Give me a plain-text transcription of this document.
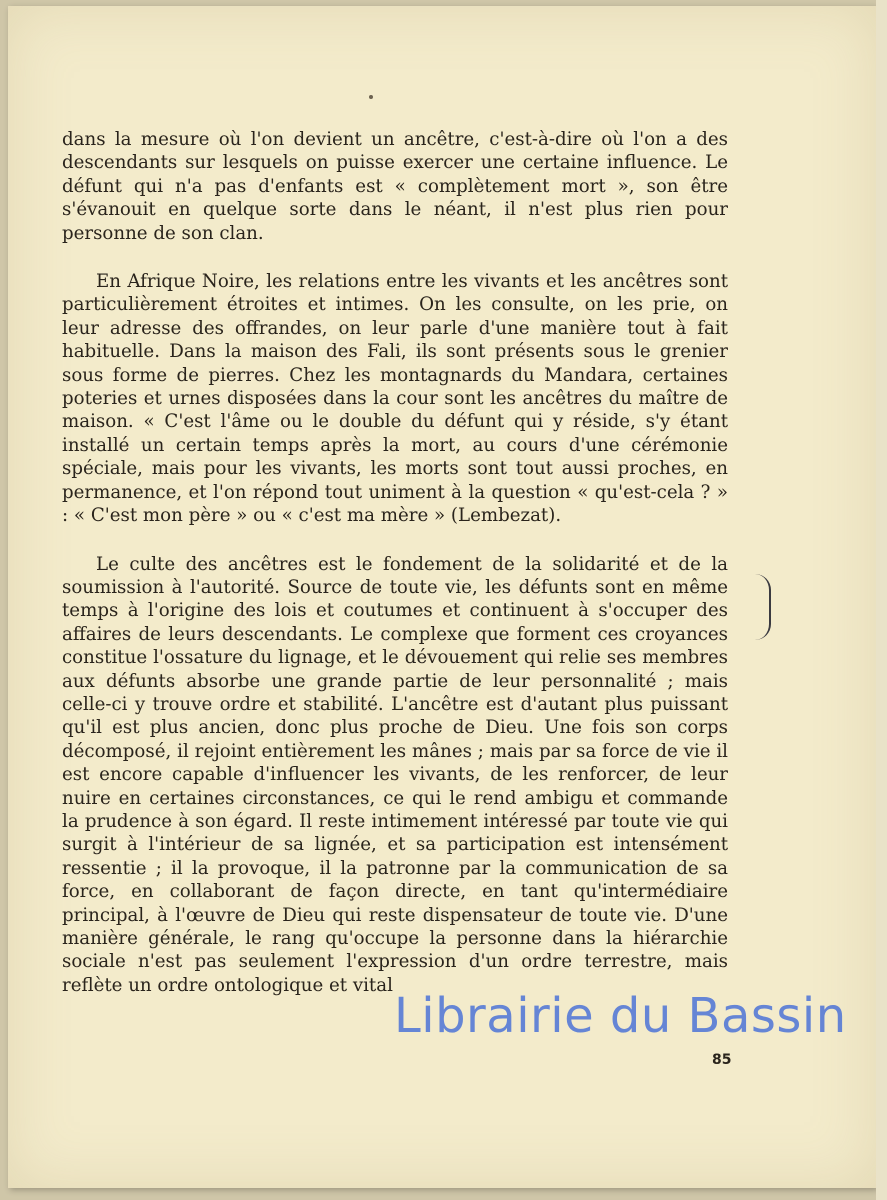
dans la mesure où l'on devient un ancêtre, c'est-à-dire où l'on a des descendants sur lesquels on puisse exercer une certaine influence. Le défunt qui n'a pas d'enfants est « complètement mort », son être s'évanouit en quelque sorte dans le néant, il n'est plus rien pour personne de son clan.

En Afrique Noire, les relations entre les vivants et les ancêtres sont particulièrement étroites et intimes. On les consulte, on les prie, on leur adresse des offrandes, on leur parle d'une manière tout à fait habituelle. Dans la maison des Fali, ils sont présents sous le grenier sous forme de pierres. Chez les montagnards du Mandara, certaines poteries et urnes disposées dans la cour sont les ancêtres du maître de maison. « C'est l'âme ou le double du défunt qui y réside, s'y étant installé un certain temps après la mort, au cours d'une cérémonie spéciale, mais pour les vivants, les morts sont tout aussi proches, en permanence, et l'on répond tout uniment à la question « qu'est-cela ? » : « C'est mon père » ou « c'est ma mère » (Lembezat).

Le culte des ancêtres est le fondement de la solidarité et de la soumission à l'autorité. Source de toute vie, les défunts sont en même temps à l'origine des lois et coutumes et continuent à s'occuper des affaires de leurs descendants. Le complexe que forment ces croyances constitue l'ossature du lignage, et le dévouement qui relie ses membres aux défunts absorbe une grande partie de leur personnalité ; mais celle-ci y trouve ordre et stabilité. L'ancêtre est d'autant plus puissant qu'il est plus ancien, donc plus proche de Dieu. Une fois son corps décomposé, il rejoint entièrement les mânes ; mais par sa force de vie il est encore capable d'influencer les vivants, de les renforcer, de leur nuire en certaines circonstances, ce qui le rend ambigu et commande la prudence à son égard. Il reste intimement intéressé par toute vie qui surgit à l'intérieur de sa lignée, et sa participation est intensément ressentie ; il la provoque, il la patronne par la communication de sa force, en collaborant de façon directe, en tant qu'intermédiaire principal, à l'œuvre de Dieu qui reste dispensateur de toute vie. D'une manière générale, le rang qu'occupe la personne dans la hiérarchie sociale n'est pas seulement l'expression d'un ordre terrestre, mais reflète un ordre ontologique et vital

85
Librairie du Bassin
